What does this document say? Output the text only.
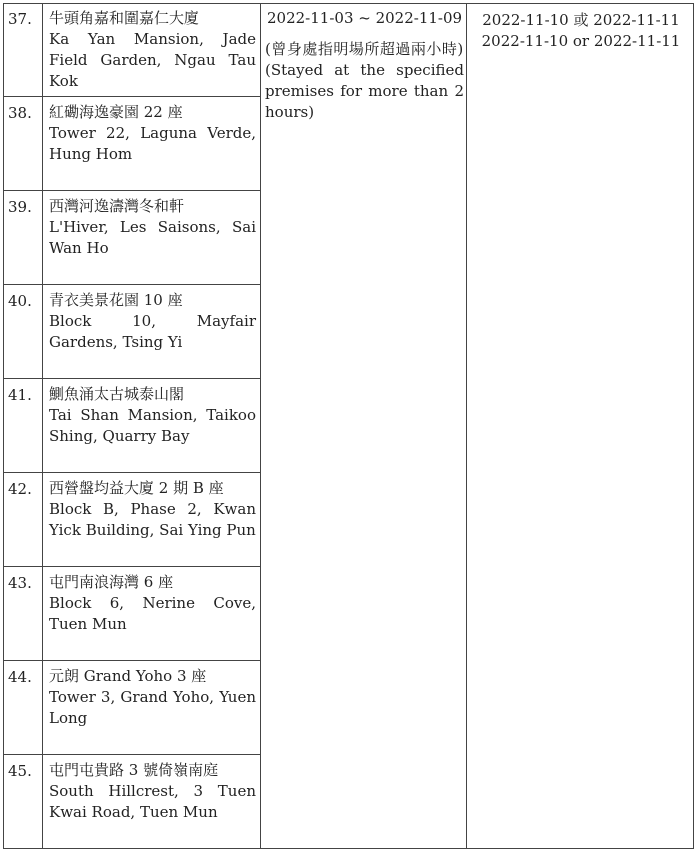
37. 牛頭角嘉和圍嘉仁大廈
Ka Yan Mansion, Jade Field Garden, Ngau Tau Kok
38. 紅磡海逸豪園 22 座
Tower 22, Laguna Verde, Hung Hom
39. 西灣河逸濤灣冬和軒
L'Hiver, Les Saisons, Sai Wan Ho
40. 青衣美景花園 10 座
Block 10, Mayfair Gardens, Tsing Yi
41. 鰂魚涌太古城泰山閣
Tai Shan Mansion, Taikoo Shing, Quarry Bay
42. 西營盤均益大廈 2 期 B 座
Block B, Phase 2, Kwan Yick Building, Sai Ying Pun
43. 屯門南浪海灣 6 座
Block 6, Nerine Cove, Tuen Mun
44. 元朗 Grand Yoho 3 座
Tower 3, Grand Yoho, Yuen Long
45. 屯門屯貴路 3 號倚嶺南庭
South Hillcrest, 3 Tuen Kwai Road, Tuen Mun
2022-11-03 ~ 2022-11-09
(曾身處指明場所超過兩小時)
(Stayed at the specified premises for more than 2 hours)
2022-11-10 或 2022-11-11
2022-11-10 or 2022-11-11
